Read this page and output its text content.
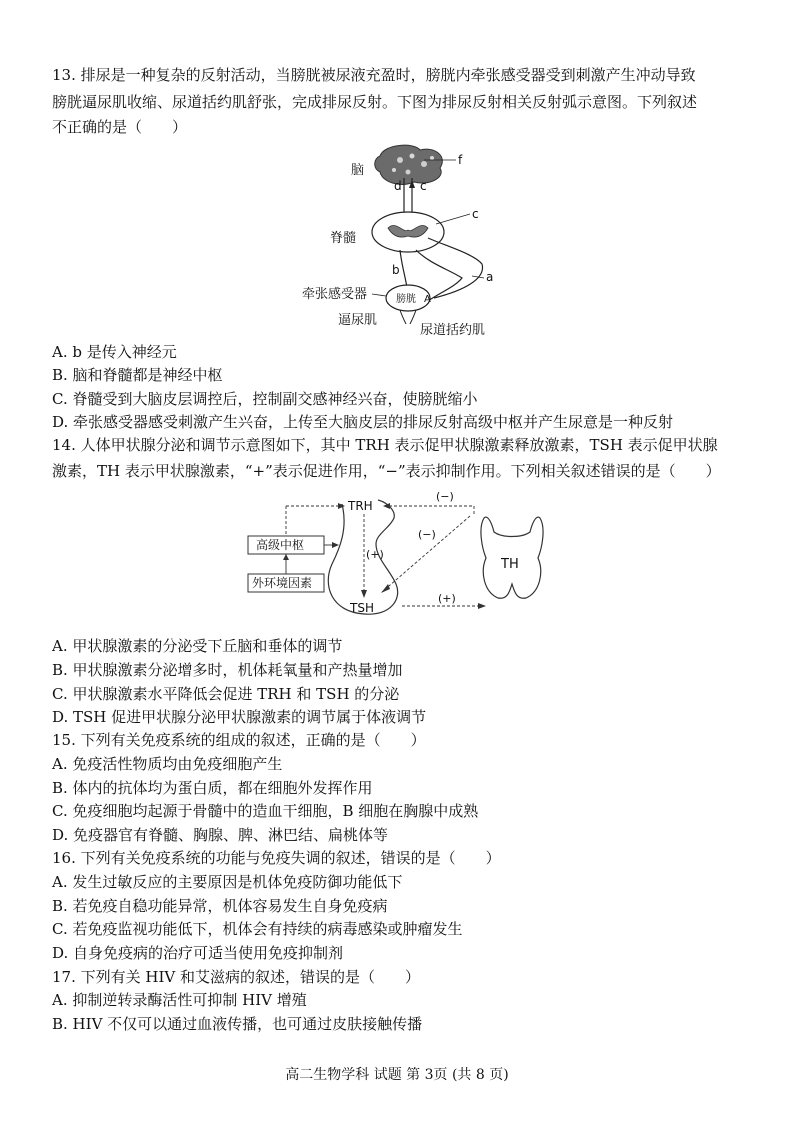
13. 排尿是一种复杂的反射活动，当膀胱被尿液充盈时，膀胱内牵张感受器受到刺激产生冲动导致
膀胱逼尿肌收缩、尿道括约肌舒张，完成排尿反射。下图为排尿反射相关反射弧示意图。下列叙述
不正确的是（　　）
脑
f
d c
脊髓
c
b	a
膀胱 A
牵张感受器
逼尿肌
尿道括约肌
A. b 是传入神经元
B. 脑和脊髓都是神经中枢
C. 脊髓受到大脑皮层调控后，控制副交感神经兴奋，使膀胱缩小
D. 牵张感受器感受刺激产生兴奋，上传至大脑皮层的排尿反射高级中枢并产生尿意是一种反射
14. 人体甲状腺分泌和调节示意图如下，其中 TRH 表示促甲状腺激素释放激素，TSH 表示促甲状腺
激素，TH 表示甲状腺激素，“+”表示促进作用，“−”表示抑制作用。下列相关叙述错误的是（　　）
TRH
高级中枢
外环境因素
(+)
TSH
(−)
(−)
(+)
TH
A. 甲状腺激素的分泌受下丘脑和垂体的调节
B. 甲状腺激素分泌增多时，机体耗氧量和产热量增加
C. 甲状腺激素水平降低会促进 TRH 和 TSH 的分泌
D. TSH 促进甲状腺分泌甲状腺激素的调节属于体液调节
15. 下列有关免疫系统的组成的叙述，正确的是（　　）
A. 免疫活性物质均由免疫细胞产生
B. 体内的抗体均为蛋白质，都在细胞外发挥作用
C. 免疫细胞均起源于骨髓中的造血干细胞，B 细胞在胸腺中成熟
D. 免疫器官有脊髓、胸腺、脾、淋巴结、扁桃体等
16. 下列有关免疫系统的功能与免疫失调的叙述，错误的是（　　）
A. 发生过敏反应的主要原因是机体免疫防御功能低下
B. 若免疫自稳功能异常，机体容易发生自身免疫病
C. 若免疫监视功能低下，机体会有持续的病毒感染或肿瘤发生
D. 自身免疫病的治疗可适当使用免疫抑制剂
17. 下列有关 HIV 和艾滋病的叙述，错误的是（　　）
A. 抑制逆转录酶活性可抑制 HIV 增殖
B. HIV 不仅可以通过血液传播，也可通过皮肤接触传播
高二生物学科 试题 第 3页 (共 8 页)
